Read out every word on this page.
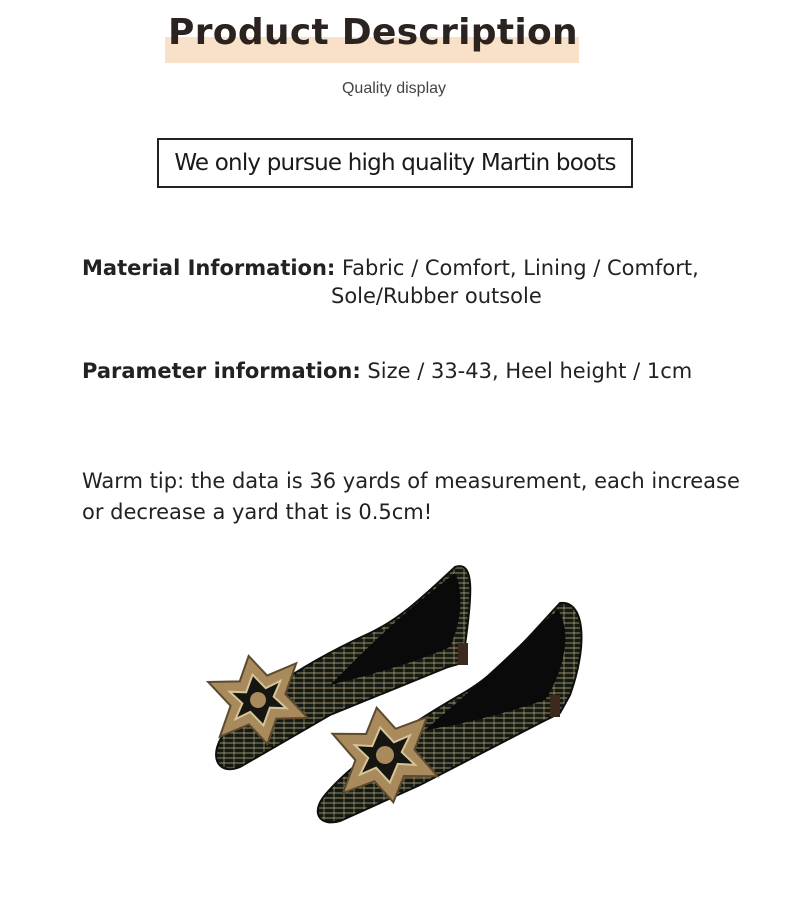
Product Description
Quality display
We only pursue high quality Martin boots
Material Information: Fabric / Comfort, Lining / Comfort,
Sole/Rubber outsole
Parameter information: Size / 33-43, Heel height / 1cm
Warm tip: the data is 36 yards of measurement, each increase
or decrease a yard that is 0.5cm!
